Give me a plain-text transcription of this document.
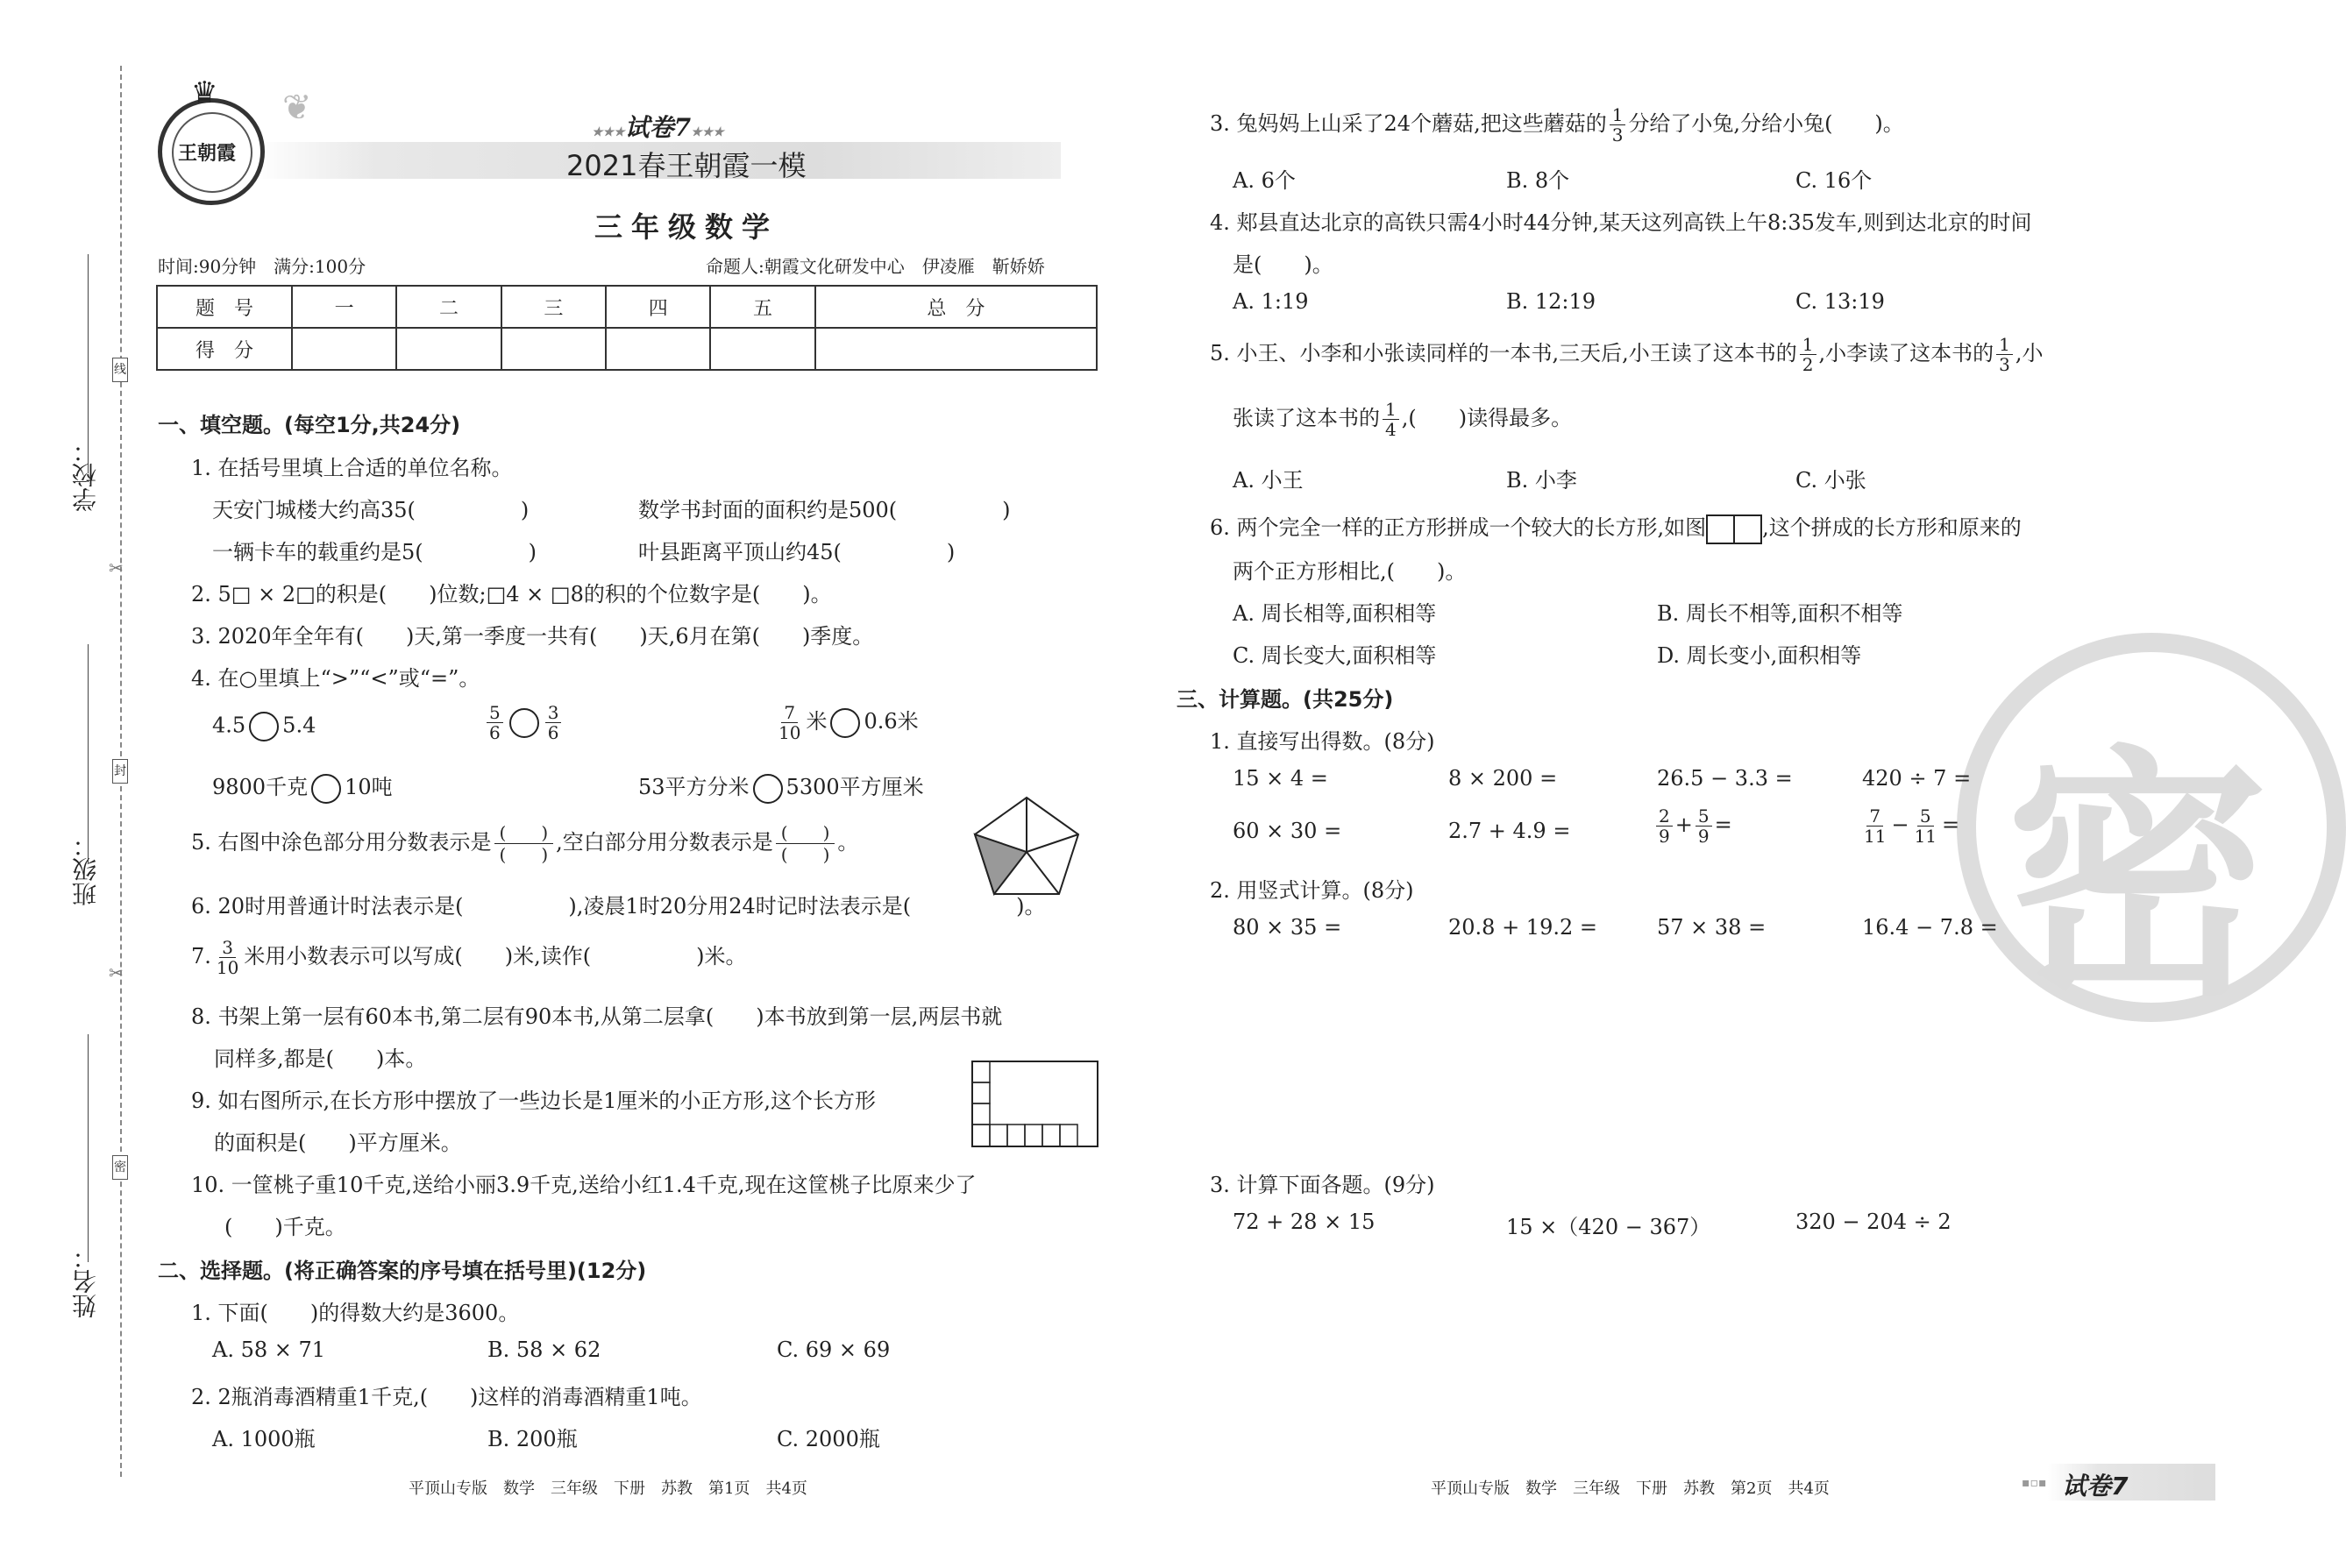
学校：
班级：
姓名：
线
封
密
✂
✂
王朝霞
♛ ❦
★★★试卷7★★★
2021春王朝霞一模
三年级数学
时间:90分钟　满分:100分	命题人:朝霞文化研发中心　伊凌雁　靳娇娇
题　号	一	二	三	四	五	总　分
得　分						
一、填空题。(每空1分,共24分)
1. 在括号里填上合适的单位名称。
天安门城楼大约高35(　　　　　)	数学书封面的面积约是500(　　　　　)
一辆卡车的载重约是5(　　　　　)	叶县距离平顶山约45(　　　　　)
2. 5□ × 2□的积是(　　)位数;□4 × □8的积的个位数字是(　　)。
3. 2020年全年有(　　)天,第一季度一共有(　　)天,6月在第(　　)季度。
4. 在○里填上“>”“<”或“=”。
4.5 5.4	$\frac{5}{6} \frac{3}{6}$	$\frac{7}{10}$ 米 0.6米
9800千克 10吨	53平方分米 5300平方厘米
5. 右图中涂色部分用分数表示是 (　　)
(　　) ,空白部分用分数表示是 (　　)
(　　) 。
6. 20时用普通计时法表示是(　　　　　),凌晨1时20分用24时记时法表示是(　　　　　)。
7. $\frac{3}{10}$ 米用小数表示可以写成(　　)米,读作(　　　　　)米。
8. 书架上第一层有60本书,第二层有90本书,从第二层拿(　　)本书放到第一层,两层书就
同样多,都是(　　)本。
9. 如右图所示,在长方形中摆放了一些边长是1厘米的小正方形,这个长方形
的面积是(　　)平方厘米。
10. 一筐桃子重10千克,送给小丽3.9千克,送给小红1.4千克,现在这筐桃子比原来少了
(　　)千克。
二、选择题。(将正确答案的序号填在括号里)(12分)
1. 下面(　　)的得数大约是3600。
A. 58 × 71	B. 58 × 62	C. 69 × 69
2. 2瓶消毒酒精重1千克,(　　)这样的消毒酒精重1吨。
A. 1000瓶	B. 200瓶	C. 2000瓶
平顶山专版　数学　三年级　下册　苏教　第1页　共4页
密
3. 兔妈妈上山采了24个蘑菇,把这些蘑菇的 $\frac{1}{3}$ 分给了小兔,分给小兔(　　)。
A. 6个	B. 8个	C. 16个
4. 郏县直达北京的高铁只需4小时44分钟,某天这列高铁上午8:35发车,则到达北京的时间
是(　　)。
A. 1:19	B. 12:19	C. 13:19
5. 小王、小李和小张读同样的一本书,三天后,小王读了这本书的 $\frac{1}{2}$ ,小李读了这本书的 $\frac{1}{3}$ ,小
张读了这本书的 $\frac{1}{4}$ ,(　　)读得最多。
A. 小王	B. 小李	C. 小张
6. 两个完全一样的正方形拼成一个较大的长方形,如图	,这个拼成的长方形和原来的
两个正方形相比,(　　)。
A. 周长相等,面积相等	B. 周长不相等,面积不相等
C. 周长变大,面积相等	D. 周长变小,面积相等
三、计算题。(共25分)
1. 直接写出得数。(8分)
15 × 4 =	8 × 200 =	26.5 − 3.3 =	420 ÷ 7 =
60 × 30 =	2.7 + 4.9 =	$\frac{2}{9} + \frac{5}{9}$ =	$\frac{7}{11} - \frac{5}{11}$ =
2. 用竖式计算。(8分)
80 × 35 =	20.8 + 19.2 =	57 × 38 =	16.4 − 7.8 =
3. 计算下面各题。(9分)
72 + 28 × 15	15 ×（420 − 367）	320 − 204 ÷ 2
平顶山专版　数学　三年级　下册　苏教　第2页　共4页	▪▫▪ 试卷7
